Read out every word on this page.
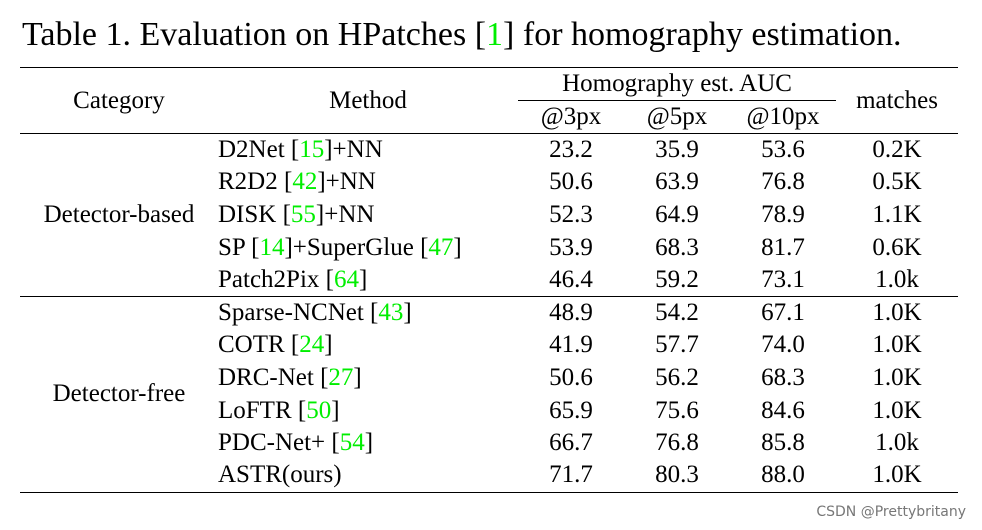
Table 1. Evaluation on HPatches [1] for homography estimation.
Category	Method	Homography est. AUC			matches
		@3px	@5px	@10px	
Detector-based	D2Net [15]+NN	23.2	35.9	53.6	0.2K
	R2D2 [42]+NN	50.6	63.9	76.8	0.5K
	DISK [55]+NN	52.3	64.9	78.9	1.1K
	SP [14]+SuperGlue [47]	53.9	68.3	81.7	0.6K
	Patch2Pix [64]	46.4	59.2	73.1	1.0k
Detector-free	Sparse-NCNet [43]	48.9	54.2	67.1	1.0K
	COTR [24]	41.9	57.7	74.0	1.0K
	DRC-Net [27]	50.6	56.2	68.3	1.0K
	LoFTR [50]	65.9	75.6	84.6	1.0K
	PDC-Net+ [54]	66.7	76.8	85.8	1.0k
	ASTR(ours)	71.7	80.3	88.0	1.0K
CSDN @Prettybritany
